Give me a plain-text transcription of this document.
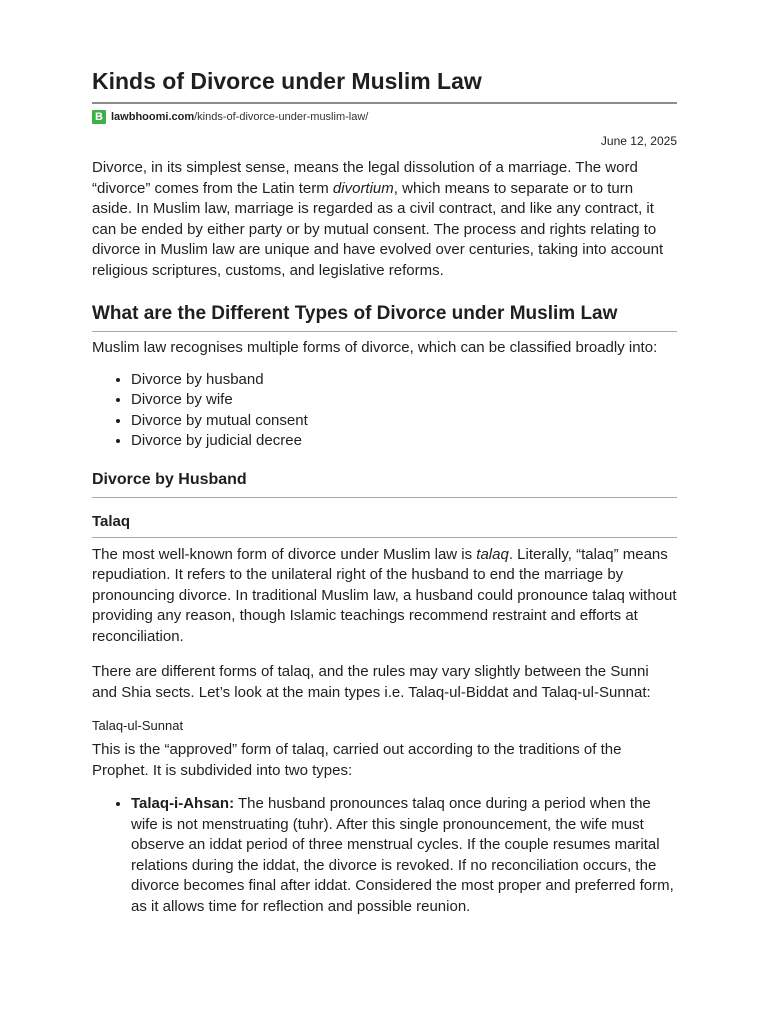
Kinds of Divorce under Muslim Law
B lawbhoomi.com/kinds-of-divorce-under-muslim-law/
June 12, 2025

Divorce, in its simplest sense, means the legal dissolution of a marriage. The word “divorce” comes from the Latin term divortium, which means to separate or to turn aside. In Muslim law, marriage is regarded as a civil contract, and like any contract, it can be ended by either party or by mutual consent. The process and rights relating to divorce in Muslim law are unique and have evolved over centuries, taking into account religious scriptures, customs, and legislative reforms.

What are the Different Types of Divorce under Muslim Law

Muslim law recognises multiple forms of divorce, which can be classified broadly into:

• Divorce by husband
• Divorce by wife
• Divorce by mutual consent
• Divorce by judicial decree
Divorce by Husband
Talaq

The most well-known form of divorce under Muslim law is talaq. Literally, “talaq” means repudiation. It refers to the unilateral right of the husband to end the marriage by pronouncing divorce. In traditional Muslim law, a husband could pronounce talaq without providing any reason, though Islamic teachings recommend restraint and efforts at reconciliation.

There are different forms of talaq, and the rules may vary slightly between the Sunni and Shia sects. Let’s look at the main types i.e. Talaq-ul-Biddat and Talaq-ul-Sunnat:

Talaq-ul-Sunnat

This is the “approved” form of talaq, carried out according to the traditions of the Prophet. It is subdivided into two types:

• Talaq-i-Ahsan: The husband pronounces talaq once during a period when the wife is not menstruating (tuhr). After this single pronouncement, the wife must observe an iddat period of three menstrual cycles. If the couple resumes marital relations during the iddat, the divorce is revoked. If no reconciliation occurs, the divorce becomes final after iddat. Considered the most proper and preferred form, as it allows time for reflection and possible reunion.
